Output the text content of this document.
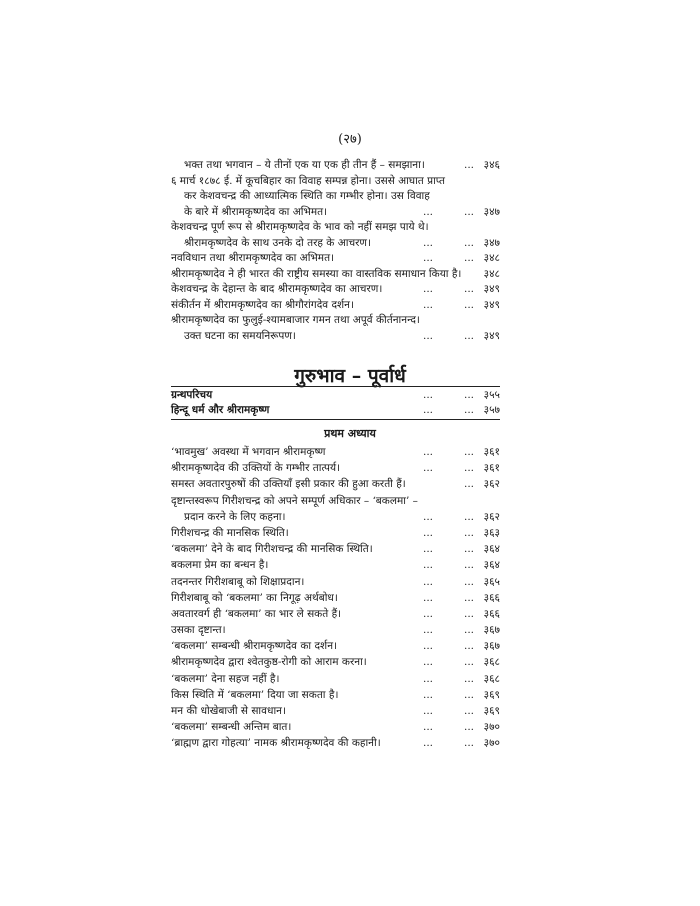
(२७)
भक्त तथा भगवान – ये तीनों एक या एक ही तीन हैं – समझाना।	... ३४६
६ मार्च १८७८ ई. में कूचबिहार का विवाह सम्पन्न होना। उससे आघात प्राप्त
कर केशवचन्द्र की आध्यात्मिक स्थिति का गम्भीर होना। उस विवाह
के बारे में श्रीरामकृष्णदेव का अभिमत।	...	... ३४७
केशवचन्द्र पूर्ण रूप से श्रीरामकृष्णदेव के भाव को नहीं समझ पाये थे।
श्रीरामकृष्णदेव के साथ उनके दो तरह के आचरण।	...	... ३४७
नवविधान तथा श्रीरामकृष्णदेव का अभिमत।	...	... ३४८
श्रीरामकृष्णदेव ने ही भारत की राष्ट्रीय समस्या का वास्तविक समाधान किया है। ३४८
केशवचन्द्र के देहान्त के बाद श्रीरामकृष्णदेव का आचरण।	...	... ३४९
संकीर्तन में श्रीरामकृष्णदेव का श्रीगौरांगदेव दर्शन।	...	... ३४९
श्रीरामकृष्णदेव का फुलुई-श्यामबाजार गमन तथा अपूर्व कीर्तनानन्द।
उक्त घटना का समयनिरूपण।	...	... ३४९
गुरुभाव – पूर्वार्ध
ग्रन्थपरिचय	...	... ३५५
हिन्दू धर्म और श्रीरामकृष्ण	...	... ३५७
प्रथम अध्याय
‘भावमुख’ अवस्था में भगवान श्रीरामकृष्ण	...	... ३६१
श्रीरामकृष्णदेव की उक्तियों के गम्भीर तात्पर्य।	...	... ३६१
समस्त अवतारपुरुषों की उक्तियाँ इसी प्रकार की हुआ करती हैं।	... ३६२
दृष्टान्तस्वरूप गिरीशचन्द्र को अपने सम्पूर्ण अधिकार – ‘बकलमा’ –
प्रदान करने के लिए कहना।	...	... ३६२
गिरीशचन्द्र की मानसिक स्थिति।	...	... ३६३
‘बकलमा’ देने के बाद गिरीशचन्द्र की मानसिक स्थिति।	...	... ३६४
बकलमा प्रेम का बन्धन है।	...	... ३६४
तदनन्तर गिरीशबाबू को शिक्षाप्रदान।	...	... ३६५
गिरीशबाबू को ‘बकलमा’ का निगूढ़ अर्थबोध।	...	... ३६६
अवतारवर्ग ही ‘बकलमा’ का भार ले सकते हैं।	...	... ३६६
उसका दृष्टान्त।	...	... ३६७
‘बकलमा’ सम्बन्धी श्रीरामकृष्णदेव का दर्शन।	...	... ३६७
श्रीरामकृष्णदेव द्वारा श्वेतकुष्ठ-रोगी को आराम करना।	...	... ३६८
‘बकलमा’ देना सहज नहीं है।	...	... ३६८
किस स्थिति में ‘बकलमा’ दिया जा सकता है।	...	... ३६९
मन की धोखेबाजी से सावधान।	...	... ३६९
‘बकलमा’ सम्बन्धी अन्तिम बात।	...	... ३७०
‘ब्राह्मण द्वारा गोहत्या’ नामक श्रीरामकृष्णदेव की कहानी।	...	... ३७०
